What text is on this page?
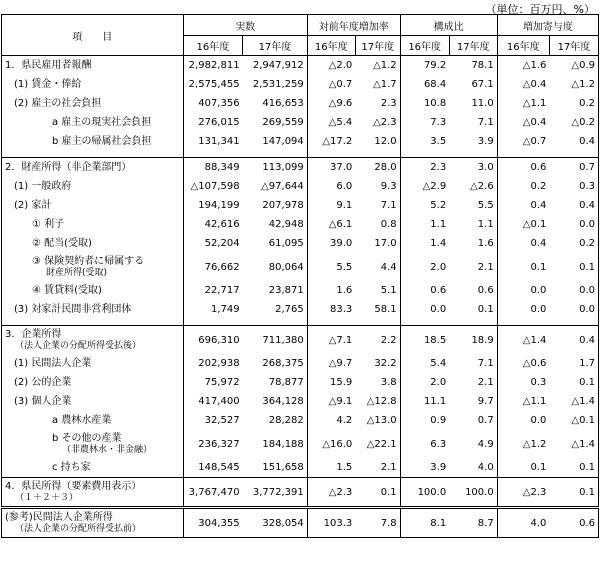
（単位：百万円、%）
項　　目	実数		対前年度増加率		構成比		増加寄与度	
	16年度	17年度	16年度	17年度	16年度	17年度	16年度	17年度

1．県民雇用者報酬	2,982,811	2,947,912	△2.0	△1.2	79.2	78.1	△1.6	△0.9

(1) 賃金・俸給	2,575,455	2,531,259	△0.7	△1.7	68.4	67.1	△0.4	△1.2

(2) 雇主の社会負担	407,356	416,653	△9.6	2.3	10.8	11.0	△1.1	0.2

a 雇主の現実社会負担	276,015	269,559	△5.4	△2.3	7.3	7.1	△0.4	△0.2

b 雇主の帰属社会負担	131,341	147,094	△17.2	12.0	3.5	3.9	△0.7	0.4

2．財産所得（非企業部門）	88,349	113,099	37.0	28.0	2.3	3.0	0.6	0.7

(1) 一般政府	△107,598	△97,644	6.0	9.3	△2.9	△2.6	0.2	0.3

(2) 家計	194,199	207,978	9.1	7.1	5.2	5.5	0.4	0.4

① 利子	42,616	42,948	△6.1	0.8	1.1	1.1	△0.1	0.0

② 配当(受取)	52,204	61,095	39.0	17.0	1.4	1.6	0.4	0.2

③ 保険契約者に帰属する
財産所得(受取)	76,662	80,064	5.5	4.4	2.0	2.1	0.1	0.1

④ 賃貸料(受取)	22,717	23,871	1.6	5.1	0.6	0.6	0.0	0.0

(3) 対家計民間非営利団体	1,749	2,765	83.3	58.1	0.0	0.1	0.0	0.0

3．企業所得
（法人企業の分配所得受払後）	696,310	711,380	△7.1	2.2	18.5	18.9	△1.4	0.4

(1) 民間法人企業	202,938	268,375	△9.7	32.2	5.4	7.1	△0.6	1.7

(2) 公的企業	75,972	78,877	15.9	3.8	2.0	2.1	0.3	0.1

(3) 個人企業	417,400	364,128	△9.1	△12.8	11.1	9.7	△1.1	△1.4

a 農林水産業	32,527	28,282	4.2	△13.0	0.9	0.7	0.0	△0.1

b その他の産業
（非農林水・非金融）	236,327	184,188	△16.0	△22.1	6.3	4.9	△1.2	△1.4

c 持ち家	148,545	151,658	1.5	2.1	3.9	4.0	0.1	0.1

4．県民所得（要素費用表示）
（１＋２＋３）	3,767,470	3,772,391	△2.3	0.1	100.0	100.0	△2.3	0.1

(参考)民間法人企業所得
（法人企業の分配所得受払前）	304,355	328,054	103.3	7.8	8.1	8.7	4.0	0.6
